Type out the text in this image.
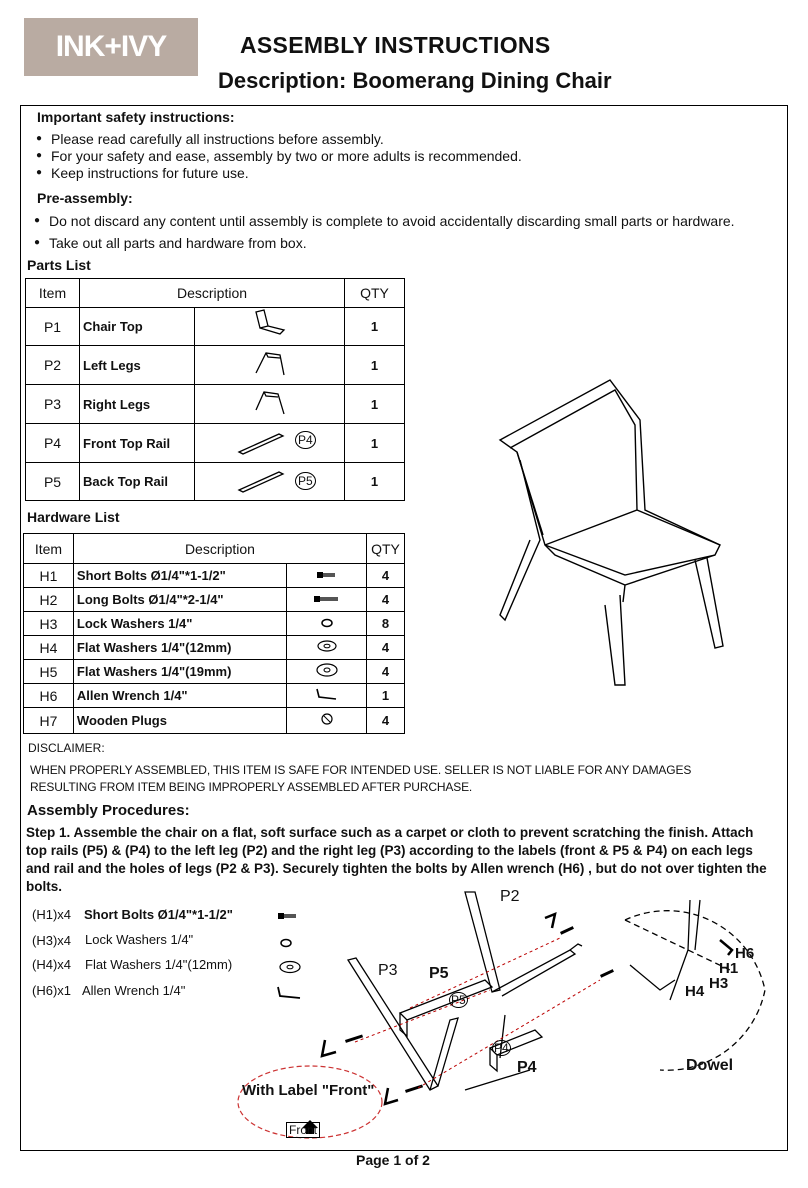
INK+IVY	ASSEMBLY INSTRUCTIONS
Description: Boomerang Dining Chair
Important safety instructions:
● Please read carefully all instructions before assembly.
● For your safety and ease, assembly by two or more adults is recommended.
● Keep instructions for future use.
Pre-assembly:
● Do not discard any content until assembly is complete to avoid accidentally discarding small parts or hardware.
● Take out all parts and hardware from box.
Parts List
Item	Description		QTY
P1	Chair Top		1
P2	Left Legs		1
P3	Right Legs		1
P4	Front Top Rail	P4	1
P5	Back Top Rail	P5	1
Hardware List
Item	Description		QTY
H1	Short Bolts Ø1/4"*1-1/2"		4
H2	Long Bolts Ø1/4"*2-1/4"		4
H3	Lock Washers 1/4"		8
H4	Flat Washers 1/4"(12mm)		4
H5	Flat Washers 1/4"(19mm)		4
H6	Allen Wrench 1/4"		1
H7	Wooden Plugs		4
DISCLAIMER:
WHEN PROPERLY ASSEMBLED, THIS ITEM IS SAFE FOR INTENDED USE. SELLER IS NOT LIABLE FOR ANY DAMAGES
RESULTING FROM ITEM BEING IMPROPERLY ASSEMBLED AFTER PURCHASE.
Assembly Procedures:
Step 1. Assemble the chair on a flat, soft surface such as a carpet or cloth to prevent scratching the finish. Attach top rails (P5) & (P4) to the left leg (P2) and the right leg (P3) according to the labels (front & P5 & P4) on each legs and rail and the holes of legs (P2 & P3). Securely tighten the bolts by Allen wrench (H6) , but do not over tighten the bolts.
(H1)x4 Short Bolts Ø1/4"*1-1/2"
(H3)x4 Lock Washers 1/4"
(H4)x4 Flat Washers 1/4"(12mm)
(H6)x1 Allen Wrench 1/4"
P2
P3 P5
P5
P4
P4
H6
H1
H3
H4
Dowel
With Label "Front"
Front
Page 1 of 2
